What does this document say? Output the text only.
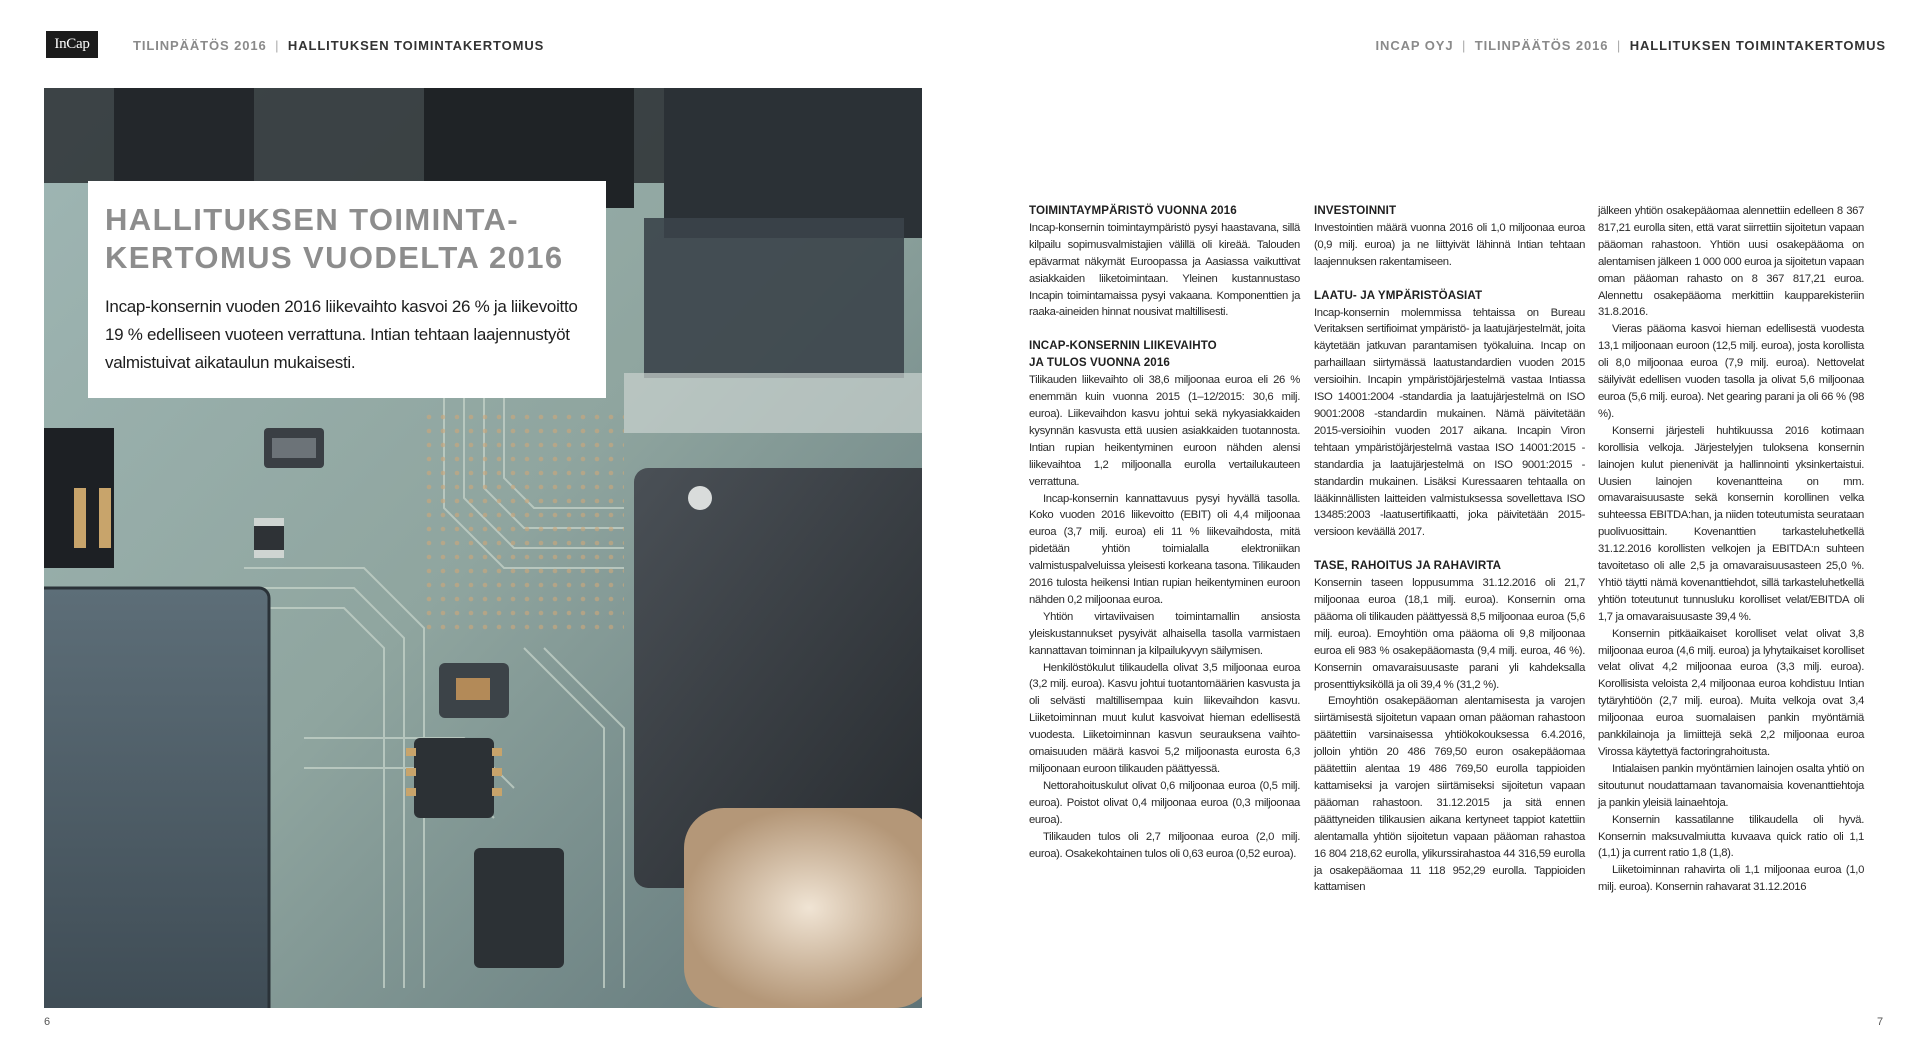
InCap	TILINPÄÄTÖS 2016 | HALLITUKSEN TOIMINTAKERTOMUS	INCAP OYJ | TILINPÄÄTÖS 2016 | HALLITUKSEN TOIMINTAKERTOMUS
HALLITUKSEN TOIMINTA-
KERTOMUS VUODELTA 2016

Incap-konsernin vuoden 2016 liikevaihto kasvoi 26 % ja liikevoitto 19 % edelliseen vuoteen verrattuna. Intian tehtaan laajennustyöt valmistuivat aikataulun mukaisesti.

6	7
TOIMINTAYMPÄRISTÖ VUONNA 2016

Incap-konsernin toimintaympäristö pysyi haastavana, sillä kilpailu sopimusvalmistajien välillä oli kireää. Talouden epävarmat näkymät Euroopassa ja Aasiassa vaikuttivat asiakkaiden liiketoimintaan. Yleinen kustannustaso Incapin toimintamaissa pysyi vakaana. Komponenttien ja raaka-aineiden hinnat nousivat maltillisesti.

INCAP-KONSERNIN LIIKEVAIHTO
JA TULOS VUONNA 2016

Tilikauden liikevaihto oli 38,6 miljoonaa euroa eli 26 % enemmän kuin vuonna 2015 (1–12/2015: 30,6 milj. euroa). Liikevaihdon kasvu johtui sekä nykyasiakkaiden kysynnän kasvusta että uusien asiakkaiden tuotannosta. Intian rupian heikentyminen euroon nähden alensi liikevaihtoa 1,2 miljoonalla eurolla vertailukauteen verrattuna.

Incap-konsernin kannattavuus pysyi hyvällä tasolla. Koko vuoden 2016 liikevoitto (EBIT) oli 4,4 miljoonaa euroa (3,7 milj. euroa) eli 11 % liikevaihdosta, mitä pidetään yhtiön toimialalla elektroniikan valmistuspalveluissa yleisesti korkeana tasona. Tilikauden 2016 tulosta heikensi Intian rupian heikentyminen euroon nähden 0,2 miljoonaa euroa.

Yhtiön virtaviivaisen toimintamallin ansiosta yleiskustannukset pysyivät alhaisella tasolla varmistaen kannattavan toiminnan ja kilpailukyvyn säilymisen.

Henkilöstökulut tilikaudella olivat 3,5 miljoonaa euroa (3,2 milj. euroa). Kasvu johtui tuotantomäärien kasvusta ja oli selvästi maltillisempaa kuin liikevaihdon kasvu. Liiketoiminnan muut kulut kasvoivat hieman edellisestä vuodesta. Liiketoiminnan kasvun seurauksena vaihto-omaisuuden määrä kasvoi 5,2 miljoonasta eurosta 6,3 miljoonaan euroon tilikauden päättyessä.

Nettorahoituskulut olivat 0,6 miljoonaa euroa (0,5 milj. euroa). Poistot olivat 0,4 miljoonaa euroa (0,3 miljoonaa euroa).

Tilikauden tulos oli 2,7 miljoonaa euroa (2,0 milj. euroa). Osakekohtainen tulos oli 0,63 euroa (0,52 euroa).

INVESTOINNIT

Investointien määrä vuonna 2016 oli 1,0 miljoonaa euroa (0,9 milj. euroa) ja ne liittyivät lähinnä Intian tehtaan laajennuksen rakentamiseen.

LAATU- JA YMPÄRISTÖASIAT

Incap-konsernin molemmissa tehtaissa on Bureau Veritaksen sertifioimat ympäristö- ja laatujärjestelmät, joita käytetään jatkuvan parantamisen työkaluina. Incap on parhaillaan siirtymässä laatustandardien vuoden 2015 versioihin. Incapin ympäristöjärjestelmä vastaa Intiassa ISO 14001:2004 -standardia ja laatujärjestelmä on ISO 9001:2008 -standardin mukainen. Nämä päivitetään 2015-versioihin vuoden 2017 aikana. Incapin Viron tehtaan ympäristöjärjestelmä vastaa ISO 14001:2015 -standardia ja laatujärjestelmä on ISO 9001:2015 -standardin mukainen. Lisäksi Kuressaaren tehtaalla on lääkinnällisten laitteiden valmistuksessa sovellettava ISO 13485:2003 -laatusertifikaatti, joka päivitetään 2015-versioon keväällä 2017.

TASE, RAHOITUS JA RAHAVIRTA

Konsernin taseen loppusumma 31.12.2016 oli 21,7 miljoonaa euroa (18,1 milj. euroa). Konsernin oma pääoma oli tilikauden päättyessä 8,5 miljoonaa euroa (5,6 milj. euroa). Emoyhtiön oma pääoma oli 9,8 miljoonaa euroa eli 983 % osakepääomasta (9,4 milj. euroa, 46 %). Konsernin omavaraisuusaste parani yli kahdeksalla prosenttiyksiköllä ja oli 39,4 % (31,2 %).

Emoyhtiön osakepääoman alentamisesta ja varojen siirtämisestä sijoitetun vapaan oman pääoman rahastoon päätettiin varsinaisessa yhtiökokouksessa 6.4.2016, jolloin yhtiön 20 486 769,50 euron osakepääomaa päätettiin alentaa 19 486 769,50 eurolla tappioiden kattamiseksi ja varojen siirtämiseksi sijoitetun vapaan pääoman rahastoon. 31.12.2015 ja sitä ennen päättyneiden tilikausien aikana kertyneet tappiot katettiin alentamalla yhtiön sijoitetun vapaan pääoman rahastoa 16 804 218,62 eurolla, ylikurssirahastoa 44 316,59 eurolla ja osakepääomaa 11 118 952,29 eurolla. Tappioiden kattamisen

jälkeen yhtiön osakepääomaa alennettiin edelleen 8 367 817,21 eurolla siten, että varat siirrettiin sijoitetun vapaan pääoman rahastoon. Yhtiön uusi osakepääoma on alentamisen jälkeen 1 000 000 euroa ja sijoitetun vapaan oman pääoman rahasto on 8 367 817,21 euroa. Alennettu osakepääoma merkittiin kaupparekisteriin 31.8.2016.

Vieras pääoma kasvoi hieman edellisestä vuodesta 13,1 miljoonaan euroon (12,5 milj. euroa), josta korollista oli 8,0 miljoonaa euroa (7,9 milj. euroa). Nettovelat säilyivät edellisen vuoden tasolla ja olivat 5,6 miljoonaa euroa (5,6 milj. euroa). Net gearing parani ja oli 66 % (98 %).

Konserni järjesteli huhtikuussa 2016 kotimaan korollisia velkoja. Järjestelyjen tuloksena konsernin lainojen kulut pienenivät ja hallinnointi yksinkertaistui. Uusien lainojen kovenantteina on mm. omavaraisuusaste sekä konsernin korollinen velka suhteessa EBITDA:han, ja niiden toteutumista seurataan puolivuosittain. Kovenanttien tarkasteluhetkellä 31.12.2016 korollisten velkojen ja EBITDA:n suhteen tavoitetaso oli alle 2,5 ja omavaraisuusasteen 25,0 %. Yhtiö täytti nämä kovenanttiehdot, sillä tarkasteluhetkellä yhtiön toteutunut tunnusluku korolliset velat/EBITDA oli 1,7 ja omavaraisuusaste 39,4 %.

Konsernin pitkäaikaiset korolliset velat olivat 3,8 miljoonaa euroa (4,6 milj. euroa) ja lyhytaikaiset korolliset velat olivat 4,2 miljoonaa euroa (3,3 milj. euroa). Korollisista veloista 2,4 miljoonaa euroa kohdistuu Intian tytäryhtiöön (2,7 milj. euroa). Muita velkoja ovat 3,4 miljoonaa euroa suomalaisen pankin myöntämiä pankkilainoja ja limiittejä sekä 2,2 miljoonaa euroa Virossa käytettyä factoringrahoitusta.

Intialaisen pankin myöntämien lainojen osalta yhtiö on sitoutunut noudattamaan tavanomaisia kovenanttiehtoja ja pankin yleisiä lainaehtoja.

Konsernin kassatilanne tilikaudella oli hyvä. Konsernin maksuvalmiutta kuvaava quick ratio oli 1,1 (1,1) ja current ratio 1,8 (1,8).

Liiketoiminnan rahavirta oli 1,1 miljoonaa euroa (1,0 milj. euroa). Konsernin rahavarat 31.12.2016
